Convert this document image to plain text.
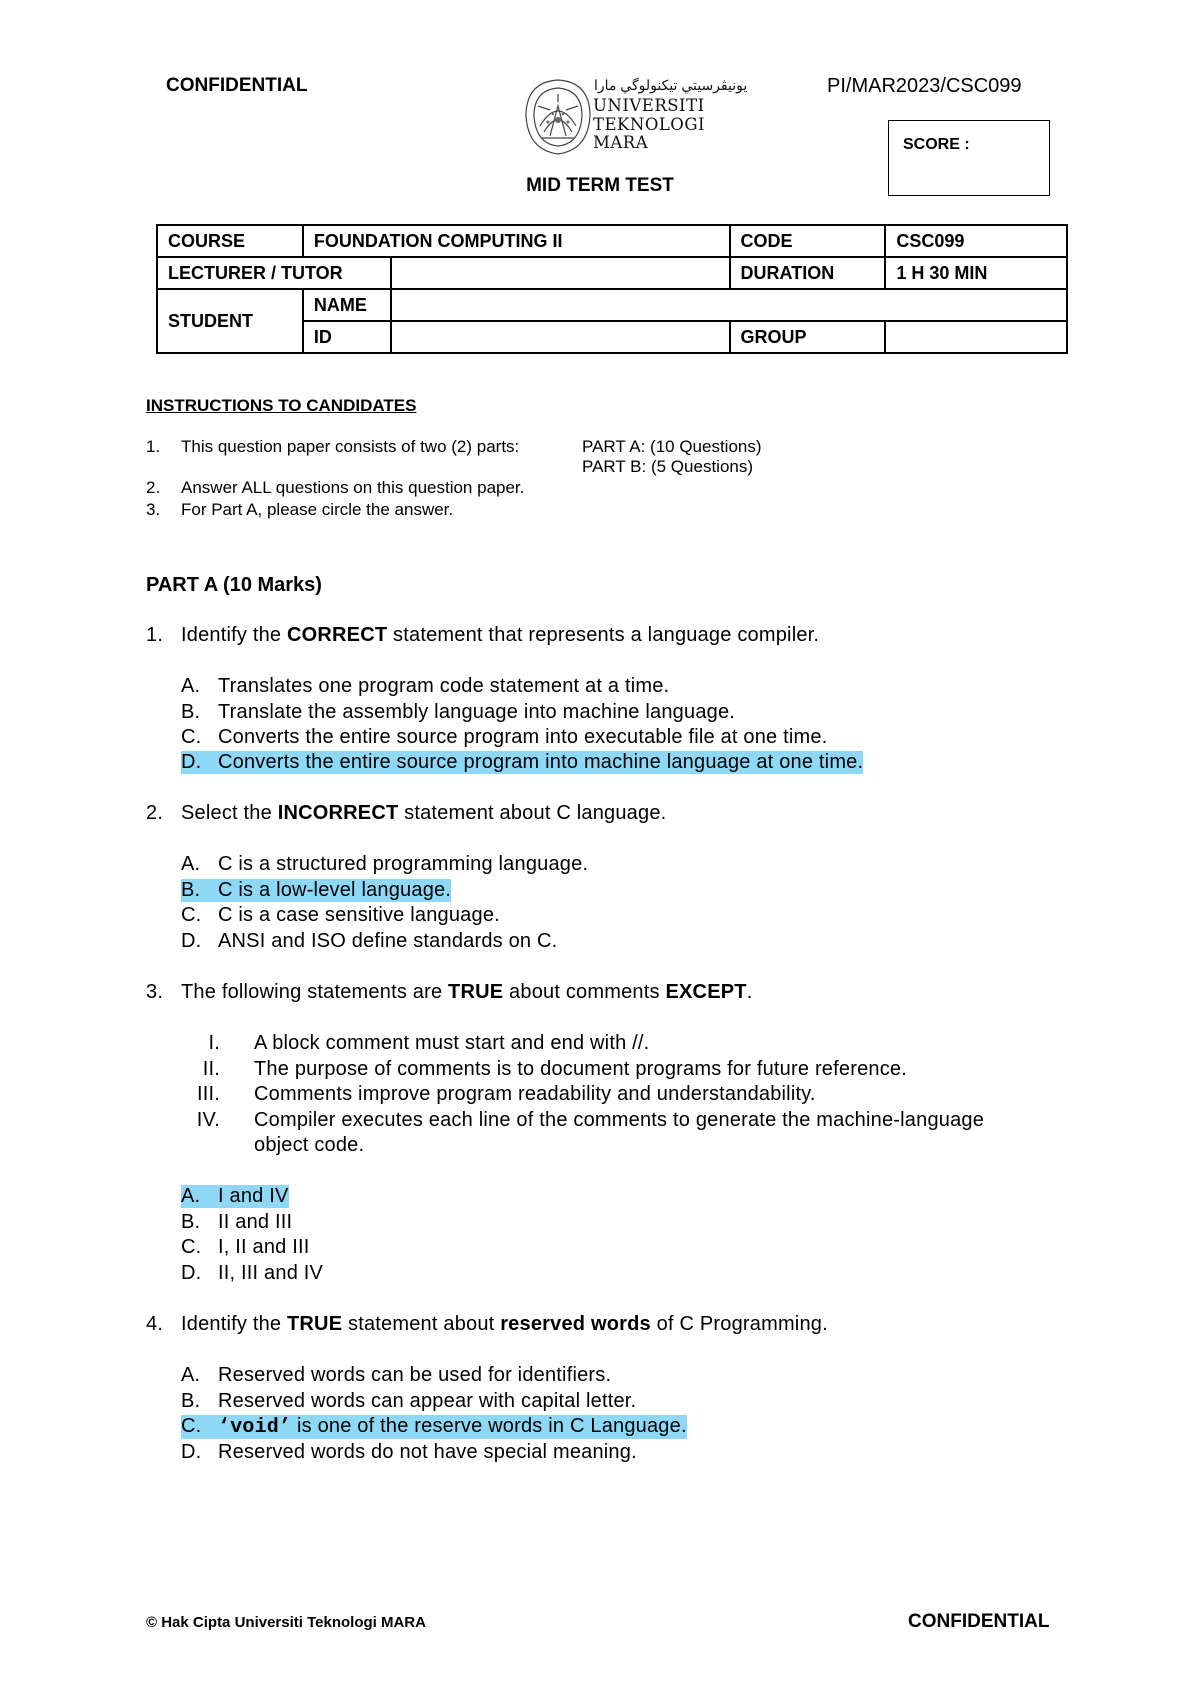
CONFIDENTIAL	PI/MAR2023/CSC099
ﯾﻮﻧﻴﭭﺮﺳﻴﺘﻲ ﺗﻴﻜﻨﻮﻟﻮﮔﻲ مارا
UNIVERSITI
TEKNOLOGI
MARA	SCORE :
MID TERM TEST
COURSE	FOUNDATION COMPUTING II		CODE	CSC099
LECTURER / TUTOR			DURATION	1 H 30 MIN
STUDENT	NAME			
	ID		GROUP	
INSTRUCTIONS TO CANDIDATES
1. This question paper consists of two (2) parts:	PART A: (10 Questions)
PART B: (5 Questions)
2. Answer ALL questions on this question paper.
3. For Part A, please circle the answer.
PART A (10 Marks)
1. Identify the CORRECT statement that represents a language compiler.
A. Translates one program code statement at a time.
B. Translate the assembly language into machine language.
C. Converts the entire source program into executable file at one time.
D. Converts the entire source program into machine language at one time.
2. Select the INCORRECT statement about C language.
A. C is a structured programming language.
B. C is a low-level language.
C. C is a case sensitive language.
D. ANSI and ISO define standards on C.
3. The following statements are TRUE about comments EXCEPT.
I. A block comment must start and end with //.
II. The purpose of comments is to document programs for future reference.
III. Comments improve program readability and understandability.
IV. Compiler executes each line of the comments to generate the machine-language
object code.
A. I and IV
B. II and III
C. I, II and III
D. II, III and IV
4. Identify the TRUE statement about reserved words of C Programming.
A. Reserved words can be used for identifiers.
B. Reserved words can appear with capital letter.
C. ‘void’ is one of the reserve words in C Language.
D. Reserved words do not have special meaning.
© Hak Cipta Universiti Teknologi MARA	CONFIDENTIAL
